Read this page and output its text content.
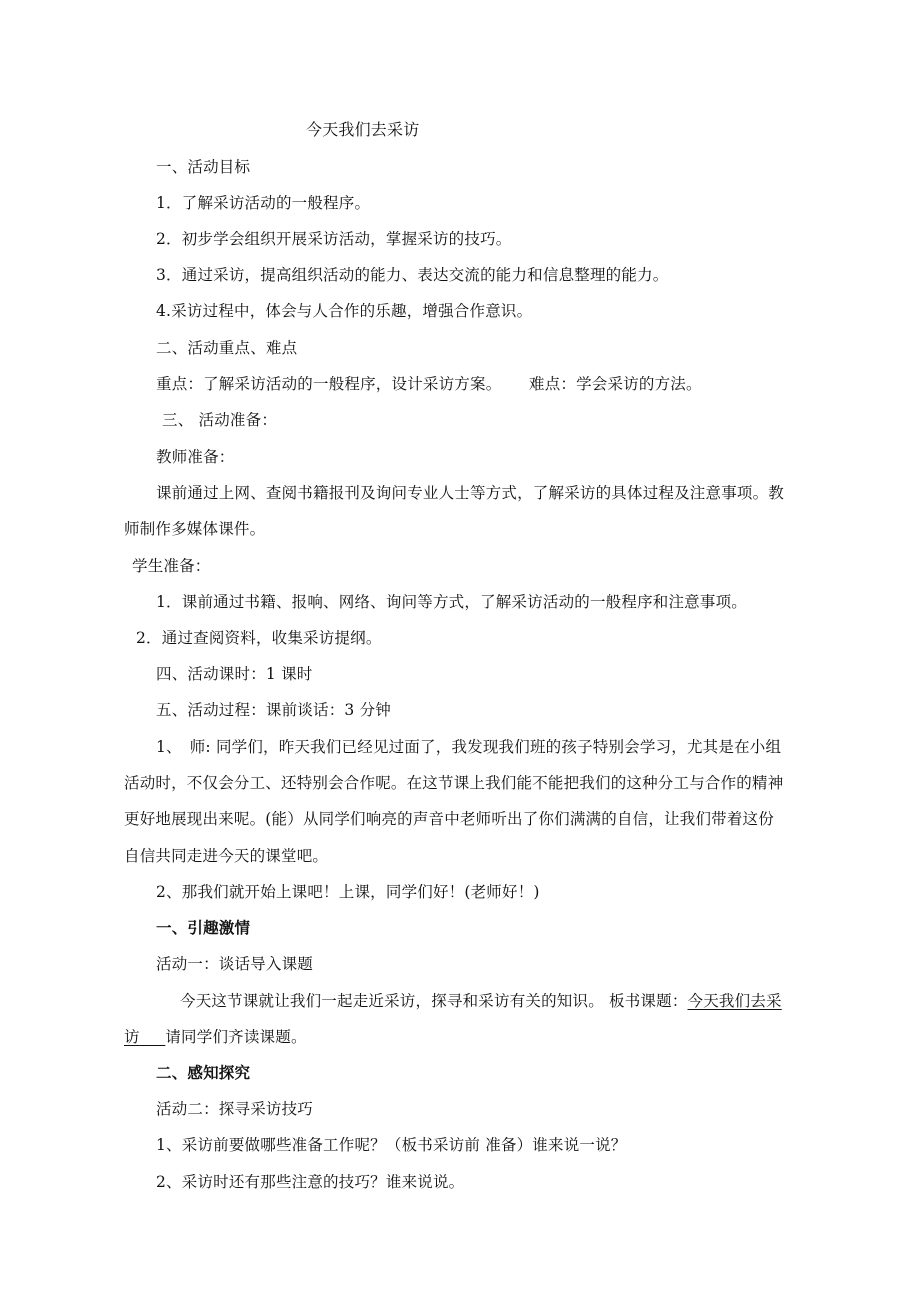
今天我们去采访
一、活动目标
1．了解采访活动的一般程序。
2．初步学会组织开展采访活动，掌握采访的技巧。
3．通过采访，提高组织活动的能力、表达交流的能力和信息整理的能力。
4.采访过程中，体会与人合作的乐趣，增强合作意识。
二、活动重点、难点
重点：了解采访活动的一般程序，设计采访方案。 难点：学会采访的方法。
三、 活动准备：
教师准备：
课前通过上网、查阅书籍报刊及询问专业人士等方式，了解采访的具体过程及注意事项。教
师制作多媒体课件。
学生准备：
1．课前通过书籍、报响、网络、询问等方式，了解采访活动的一般程序和注意事项。
2．通过查阅资料，收集采访提纲。
四、活动课时：1 课时
五、活动过程：课前谈话：3 分钟
1、　师: 同学们，昨天我们已经见过面了，我发现我们班的孩子特别会学习，尤其是在小组
活动时，不仅会分工、还特别会合作呢。在这节课上我们能不能把我们的这种分工与合作的精神
更好地展现出来呢。(能）从同学们响亮的声音中老师听出了你们满满的自信，让我们带着这份
自信共同走进今天的课堂吧。
2、那我们就开始上课吧！上课，同学们好！(老师好！)
一、引趣激情
活动一：谈话导入课题
今天这节课就让我们一起走近采访，探寻和采访有关的知识。 板书课题：今天我们去采
访 请同学们齐读课题。
二、感知探究
活动二：探寻采访技巧
1、采访前要做哪些准备工作呢？（板书采访前 准备）谁来说一说？
2、采访时还有那些注意的技巧？谁来说说。
